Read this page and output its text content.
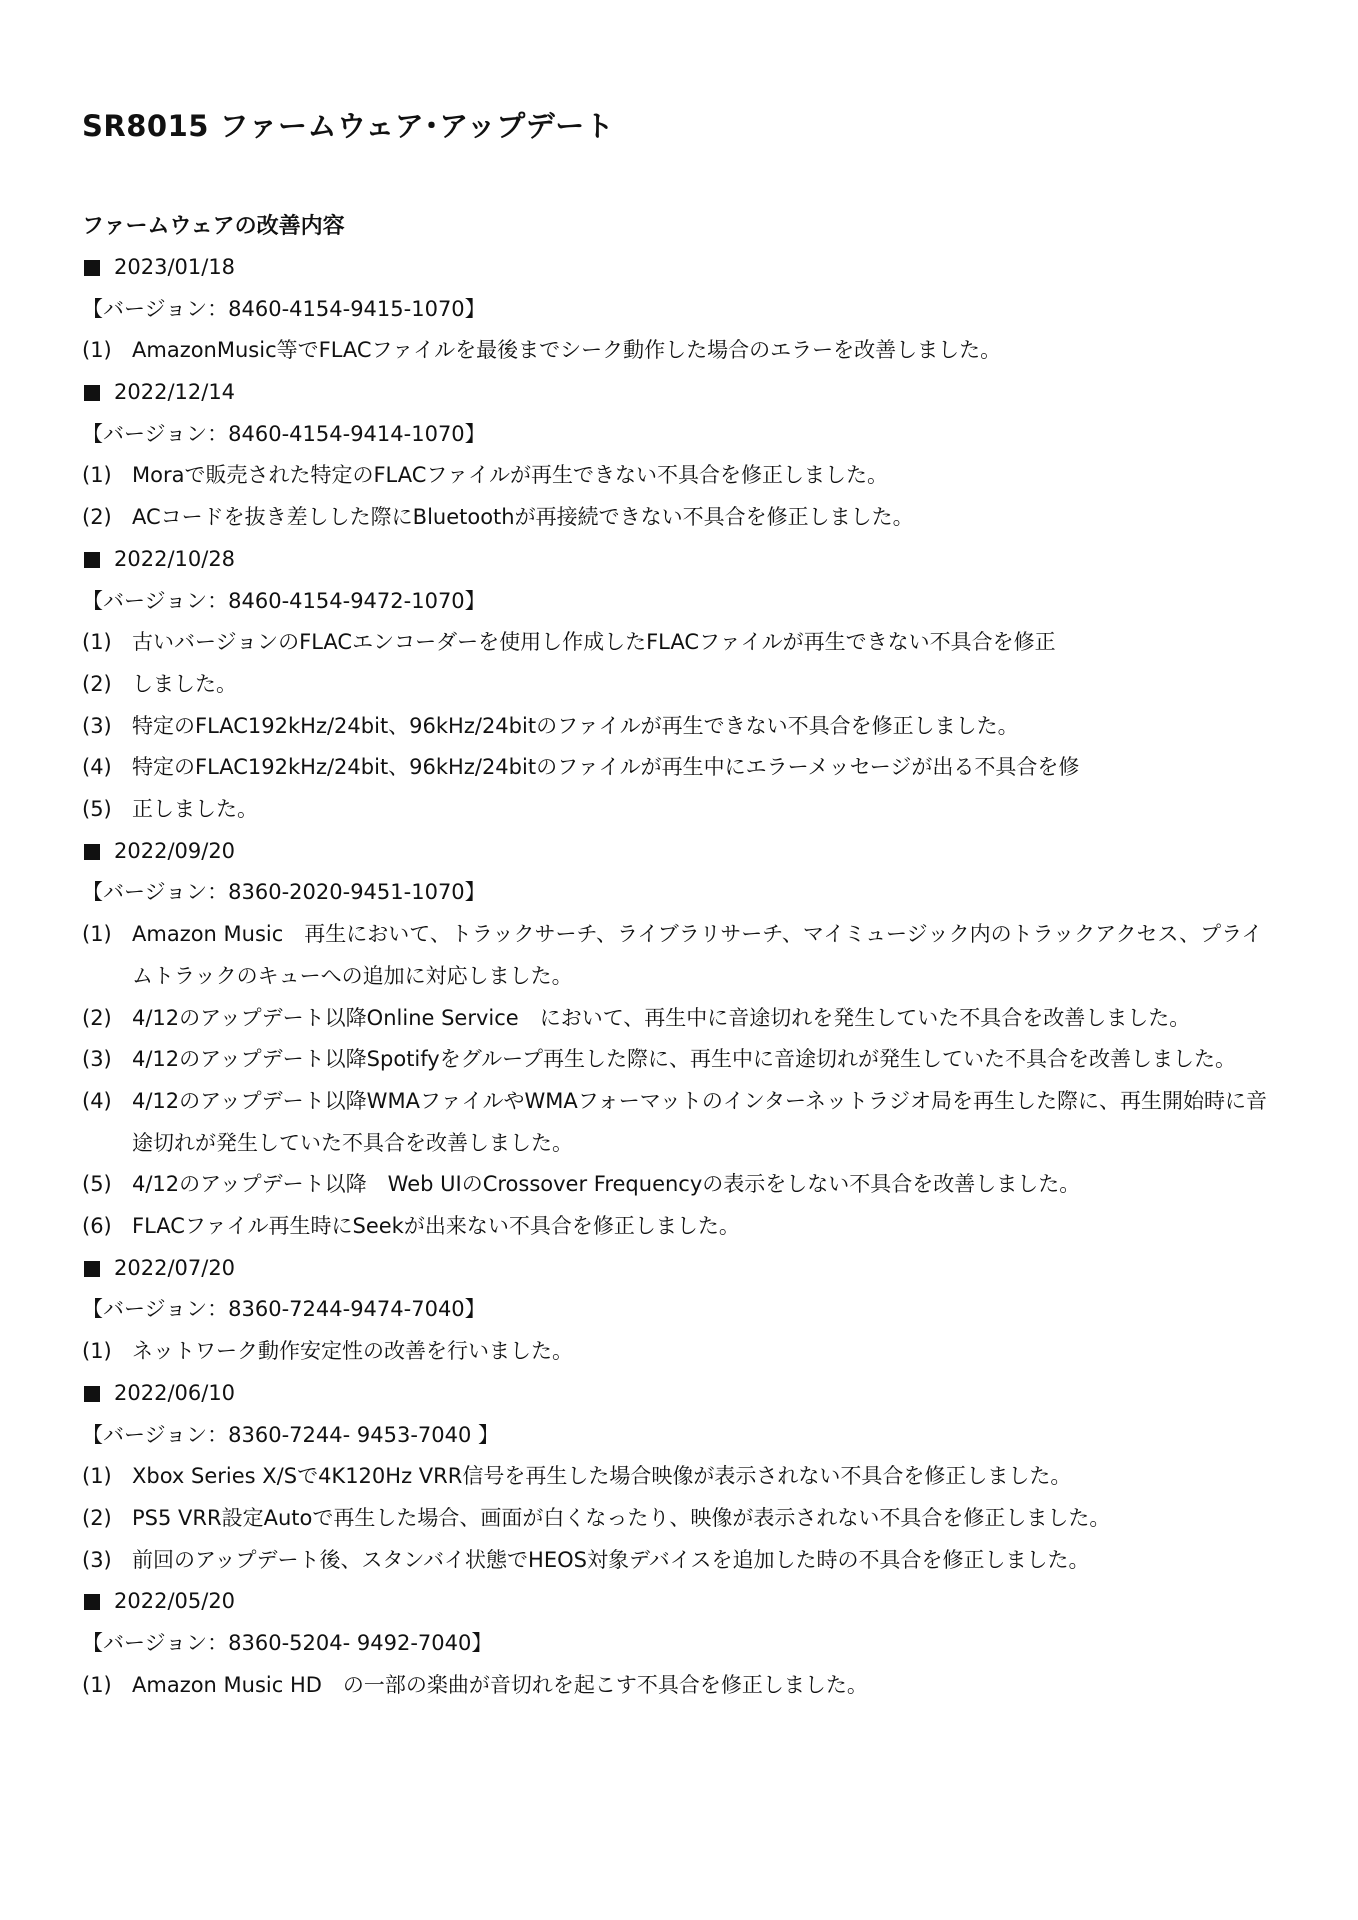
SR8015 ファームウェア･アップデート
ファームウェアの改善内容
2023/01/18
【バージョン：8460-4154-9415-1070】
(1) AmazonMusic等でFLACファイルを最後までシーク動作した場合のエラーを改善しました。
2022/12/14
【バージョン：8460-4154-9414-1070】
(1) Moraで販売された特定のFLACファイルが再生できない不具合を修正しました。
(2) ACコードを抜き差しした際にBluetoothが再接続できない不具合を修正しました。
2022/10/28
【バージョン：8460-4154-9472-1070】
(1) 古いバージョンのFLACエンコーダーを使用し作成したFLACファイルが再生できない不具合を修正
(2) しました。
(3) 特定のFLAC192kHz/24bit、96kHz/24bitのファイルが再生できない不具合を修正しました。
(4) 特定のFLAC192kHz/24bit、96kHz/24bitのファイルが再生中にエラーメッセージが出る不具合を修
(5) 正しました。
2022/09/20
【バージョン：8360-2020-9451-1070】
(1) Amazon Music　再生において、トラックサーチ、ライブラリサーチ、マイミュージック内のトラックアクセス、プライムトラックのキューへの追加に対応しました。
(2) 4/12のアップデート以降Online Service　において、再生中に音途切れを発生していた不具合を改善しました。
(3) 4/12のアップデート以降Spotifyをグループ再生した際に、再生中に音途切れが発生していた不具合を改善しました。
(4) 4/12のアップデート以降WMAファイルやWMAフォーマットのインターネットラジオ局を再生した際に、再生開始時に音途切れが発生していた不具合を改善しました。
(5) 4/12のアップデート以降　Web UIのCrossover Frequencyの表示をしない不具合を改善しました。
(6) FLACファイル再生時にSeekが出来ない不具合を修正しました。
2022/07/20
【バージョン：8360-7244-9474-7040】
(1) ネットワーク動作安定性の改善を行いました。
2022/06/10
【バージョン：8360-7244- 9453-7040 】
(1) Xbox Series X/Sで4K120Hz VRR信号を再生した場合映像が表示されない不具合を修正しました。
(2) PS5 VRR設定Autoで再生した場合、画面が白くなったり、映像が表示されない不具合を修正しました。
(3) 前回のアップデート後、スタンバイ状態でHEOS対象デバイスを追加した時の不具合を修正しました。
2022/05/20
【バージョン：8360-5204- 9492-7040】
(1) Amazon Music HD　の一部の楽曲が音切れを起こす不具合を修正しました。
